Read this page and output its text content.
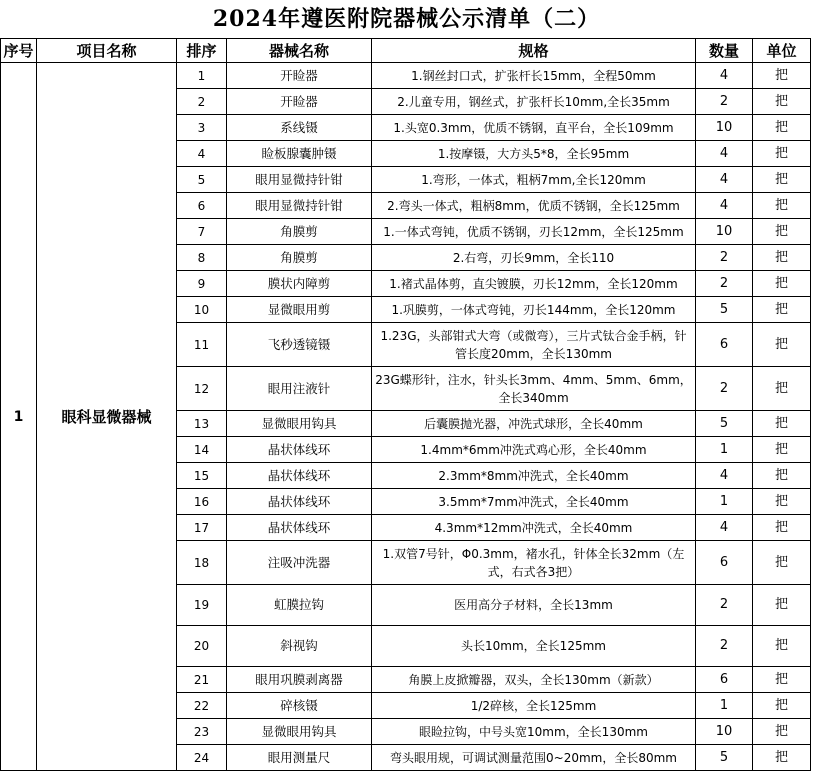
2024年遵医附院器械公示清单（二）
序号	项目名称	排序	器械名称	规格	数量	单位
1	眼科显微器械	1	开睑器	1.钢丝封口式，扩张杆长15mm，全程50mm	4	把
		2	开睑器	2.儿童专用，钢丝式，扩张杆长10mm,全长35mm	2	把
		3	系线镊	1.头宽0.3mm，优质不锈钢，直平台，全长109mm	10	把
		4	睑板腺囊肿镊	1.按摩镊，大方头5*8，全长95mm	4	把
		5	眼用显微持针钳	1.弯形，一体式，粗柄7mm,全长120mm	4	把
		6	眼用显微持针钳	2.弯头一体式，粗柄8mm，优质不锈钢，全长125mm	4	把
		7	角膜剪	1.一体式弯钝，优质不锈钢，刃长12mm，全长125mm	10	把
		8	角膜剪	2.右弯，刃长9mm，全长110	2	把
		9	膜状内障剪	1.褚式晶体剪，直尖镀膜，刃长12mm，全长120mm	2	把
		10	显微眼用剪	1.巩膜剪，一体式弯钝，刃长144mm，全长120mm	5	把
		11	飞秒透镜镊	1.23G，头部钳式大弯（或微弯），三片式钛合金手柄，针管长度20mm，全长130mm	6	把
		12	眼用注液针	23G蝶形针，注水，针头长3mm、4mm、5mm、6mm，全长340mm	2	把
		13	显微眼用钩具	后囊膜抛光器，冲洗式球形，全长40mm	5	把
		14	晶状体线环	1.4mm*6mm冲洗式鸡心形，全长40mm	1	把
		15	晶状体线环	2.3mm*8mm冲洗式，全长40mm	4	把
		16	晶状体线环	3.5mm*7mm冲洗式，全长40mm	1	把
		17	晶状体线环	4.3mm*12mm冲洗式，全长40mm	4	把
		18	注吸冲洗器	1.双管7号针，Φ0.3mm，褚水孔，针体全长32mm（左式，右式各3把）	6	把
		19	虹膜拉钩	医用高分子材料，全长13mm	2	把
		20	斜视钩	头长10mm，全长125mm	2	把
		21	眼用巩膜剥离器	角膜上皮掀瓣器，双头，全长130mm（新款）	6	把
		22	碎核镊	1/2碎核，全长125mm	1	把
		23	显微眼用钩具	眼睑拉钩，中号头宽10mm，全长130mm	10	把
		24	眼用测量尺	弯头眼用规，可调试测量范围0~20mm，全长80mm	5	把
